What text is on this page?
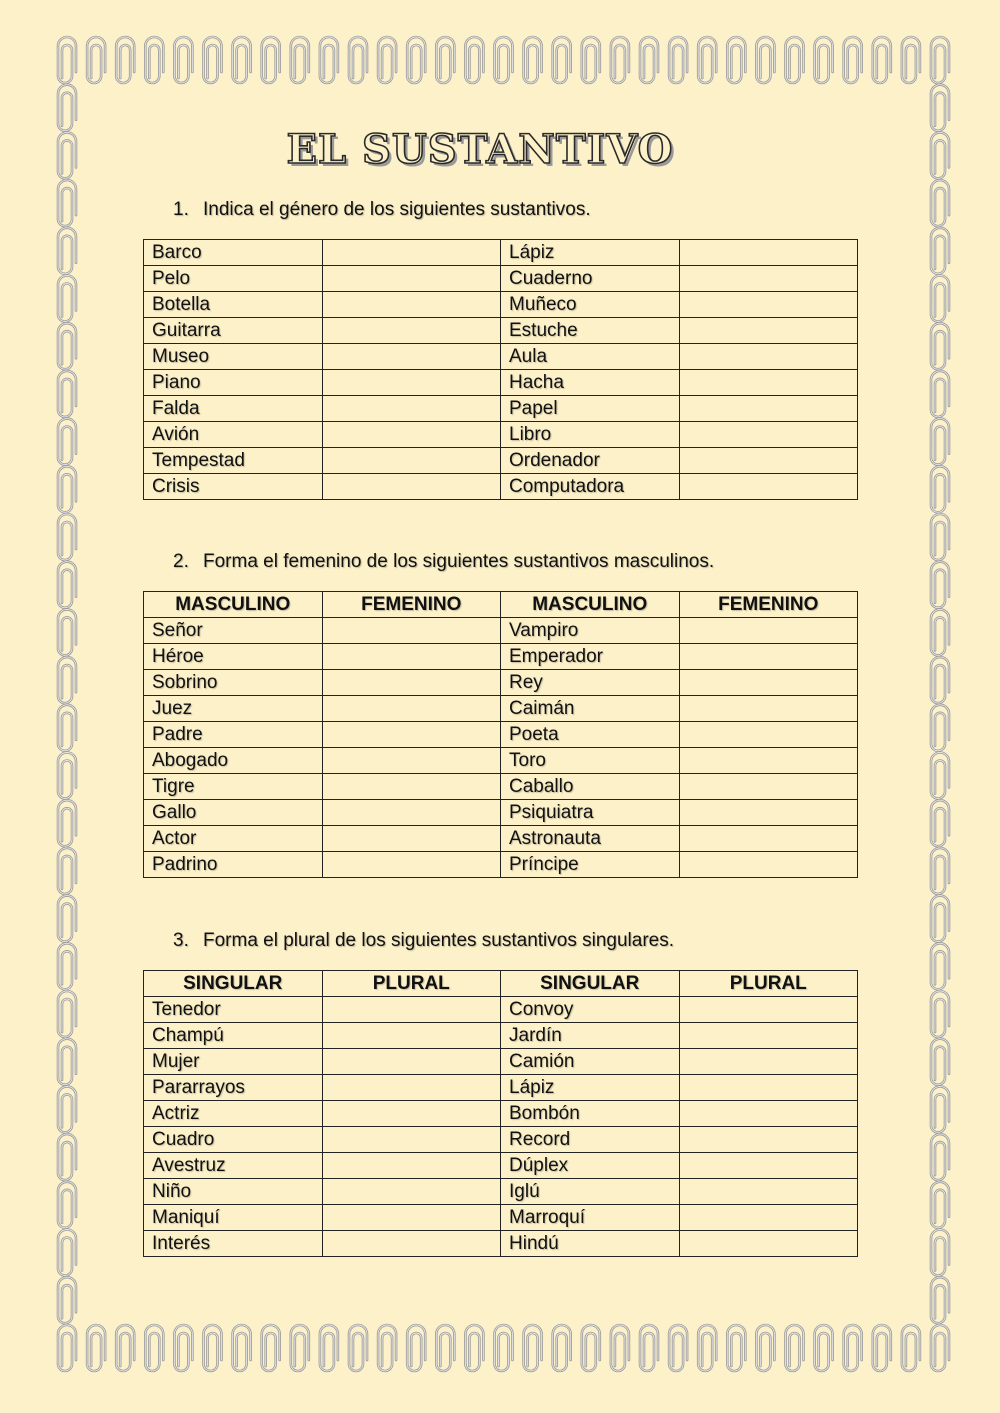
EL SUSTANTIVO
1. Indica el género de los siguientes sustantivos.
Barco		Lápiz	
Pelo		Cuaderno	
Botella		Muñeco	
Guitarra		Estuche	
Museo		Aula	
Piano		Hacha	
Falda		Papel	
Avión		Libro	
Tempestad		Ordenador	
Crisis		Computadora	
2. Forma el femenino de los siguientes sustantivos masculinos.
MASCULINO	FEMENINO	MASCULINO	FEMENINO
Señor		Vampiro	
Héroe		Emperador	
Sobrino		Rey	
Juez		Caimán	
Padre		Poeta	
Abogado		Toro	
Tigre		Caballo	
Gallo		Psiquiatra	
Actor		Astronauta	
Padrino		Príncipe	
3. Forma el plural de los siguientes sustantivos singulares.
SINGULAR	PLURAL	SINGULAR	PLURAL
Tenedor		Convoy	
Champú		Jardín	
Mujer		Camión	
Pararrayos		Lápiz	
Actriz		Bombón	
Cuadro		Record	
Avestruz		Dúplex	
Niño		Iglú	
Maniquí		Marroquí	
Interés		Hindú	
